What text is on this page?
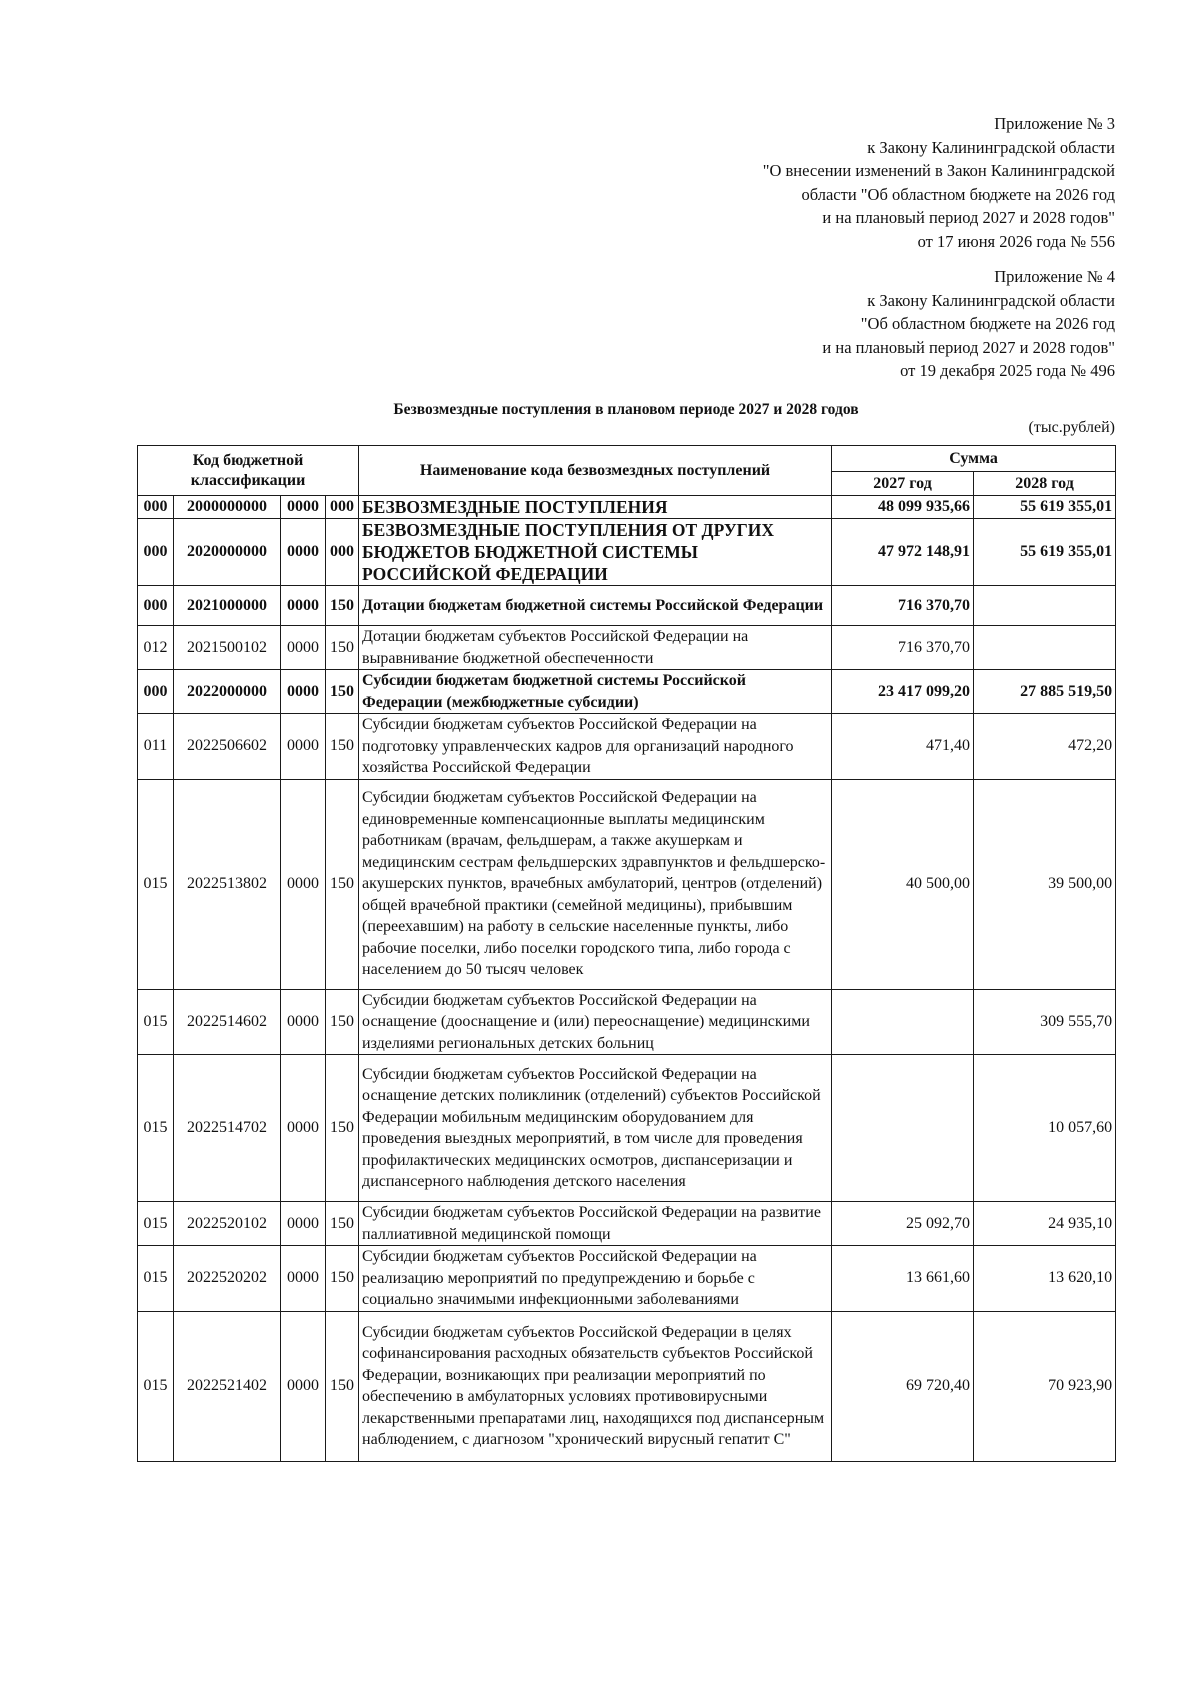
Приложение № 3
к Закону Калининградской области
"О внесении изменений в Закон Калининградской
области "Об областном бюджете на 2026 год
и на плановый период 2027 и 2028 годов"
от 17 июня 2026 года № 556
Приложение № 4
к Закону Калининградской области
"Об областном бюджете на 2026 год
и на плановый период 2027 и 2028 годов"
от 19 декабря 2025 года № 496
Безвозмездные поступления в плановом периоде 2027 и 2028 годов
(тыс.рублей)
Код бюджетной классификации				Наименование кода безвозмездных поступлений	Сумма	
					2027 год	2028 год
000	2000000000	0000	000	БЕЗВОЗМЕЗДНЫЕ ПОСТУПЛЕНИЯ	48 099 935,66	55 619 355,01
000	2020000000	0000	000	БЕЗВОЗМЕЗДНЫЕ ПОСТУПЛЕНИЯ ОТ ДРУГИХ БЮДЖЕТОВ БЮДЖЕТНОЙ СИСТЕМЫ РОССИЙСКОЙ ФЕДЕРАЦИИ	47 972 148,91	55 619 355,01
000	2021000000	0000	150	Дотации бюджетам бюджетной системы Российской Федерации	716 370,70	
012	2021500102	0000	150	Дотации бюджетам субъектов Российской Федерации на выравнивание бюджетной обеспеченности	716 370,70	
000	2022000000	0000	150	Субсидии бюджетам бюджетной системы Российской Федерации (межбюджетные субсидии)	23 417 099,20	27 885 519,50
011	2022506602	0000	150	Субсидии бюджетам субъектов Российской Федерации на подготовку управленческих кадров для организаций народного хозяйства Российской Федерации	471,40	472,20
015	2022513802	0000	150	Субсидии бюджетам субъектов Российской Федерации на единовременные компенсационные выплаты медицинским работникам (врачам, фельдшерам, а также акушеркам и медицинским сестрам фельдшерских здравпунктов и фельдшерско-акушерских пунктов, врачебных амбулаторий, центров (отделений) общей врачебной практики (семейной медицины), прибывшим (переехавшим) на работу в сельские населенные пункты, либо рабочие поселки, либо поселки городского типа, либо города с населением до 50 тысяч человек	40 500,00	39 500,00
015	2022514602	0000	150	Субсидии бюджетам субъектов Российской Федерации на оснащение (дооснащение и (или) переоснащение) медицинскими изделиями региональных детских больниц		309 555,70
015	2022514702	0000	150	Субсидии бюджетам субъектов Российской Федерации на оснащение детских поликлиник (отделений) субъектов Российской Федерации мобильным медицинским оборудованием для проведения выездных мероприятий, в том числе для проведения профилактических медицинских осмотров, диспансеризации и диспансерного наблюдения детского населения		10 057,60
015	2022520102	0000	150	Субсидии бюджетам субъектов Российской Федерации на развитие паллиативной медицинской помощи	25 092,70	24 935,10
015	2022520202	0000	150	Субсидии бюджетам субъектов Российской Федерации на реализацию мероприятий по предупреждению и борьбе с социально значимыми инфекционными заболеваниями	13 661,60	13 620,10
015	2022521402	0000	150	Субсидии бюджетам субъектов Российской Федерации в целях софинансирования расходных обязательств субъектов Российской Федерации, возникающих при реализации мероприятий по обеспечению в амбулаторных условиях противовирусными лекарственными препаратами лиц, находящихся под диспансерным наблюдением, с диагнозом "хронический вирусный гепатит С"	69 720,40	70 923,90
